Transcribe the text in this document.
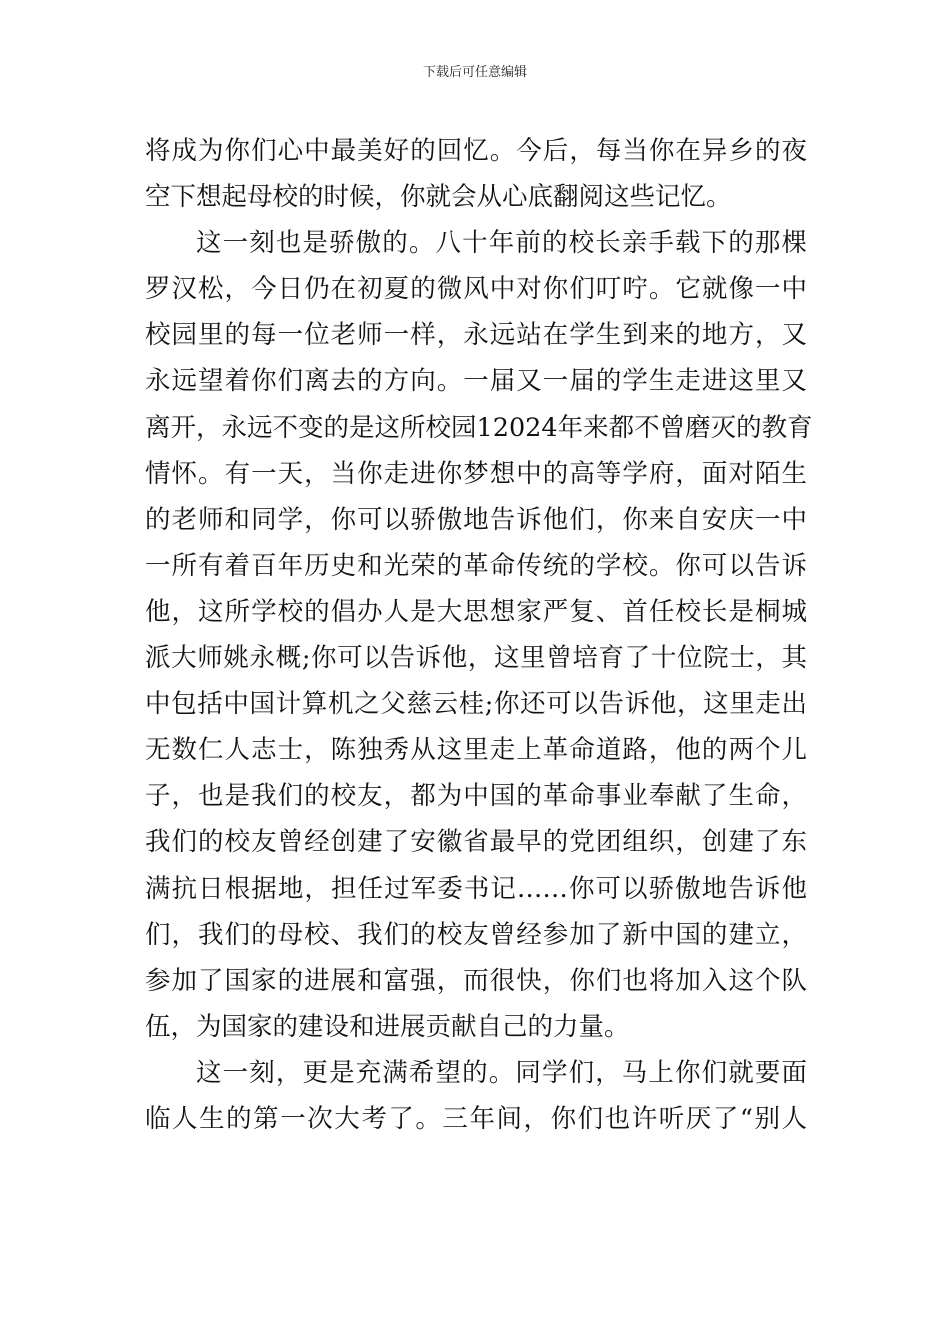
下载后可任意编辑
将成为你们心中最美好的回忆。今后，每当你在异乡的夜
空下想起母校的时候，你就会从心底翻阅这些记忆。
这一刻也是骄傲的。八十年前的校长亲手载下的那棵
罗汉松，今日仍在初夏的微风中对你们叮咛。它就像一中
校园里的每一位老师一样，永远站在学生到来的地方，又
永远望着你们离去的方向。一届又一届的学生走进这里又
离开，永远不变的是这所校园12024年来都不曾磨灭的教育
情怀。有一天，当你走进你梦想中的高等学府，面对陌生
的老师和同学，你可以骄傲地告诉他们，你来自安庆一中
一所有着百年历史和光荣的革命传统的学校。你可以告诉
他，这所学校的倡办人是大思想家严复、首任校长是桐城
派大师姚永概;你可以告诉他，这里曾培育了十位院士，其
中包括中国计算机之父慈云桂;你还可以告诉他，这里走出
无数仁人志士，陈独秀从这里走上革命道路，他的两个儿
子，也是我们的校友，都为中国的革命事业奉献了生命，
我们的校友曾经创建了安徽省最早的党团组织，创建了东
满抗日根据地，担任过军委书记……你可以骄傲地告诉他
们，我们的母校、我们的校友曾经参加了新中国的建立，
参加了国家的进展和富强，而很快，你们也将加入这个队
伍，为国家的建设和进展贡献自己的力量。
这一刻，更是充满希望的。同学们，马上你们就要面
临人生的第一次大考了。三年间，你们也许听厌了“别人
